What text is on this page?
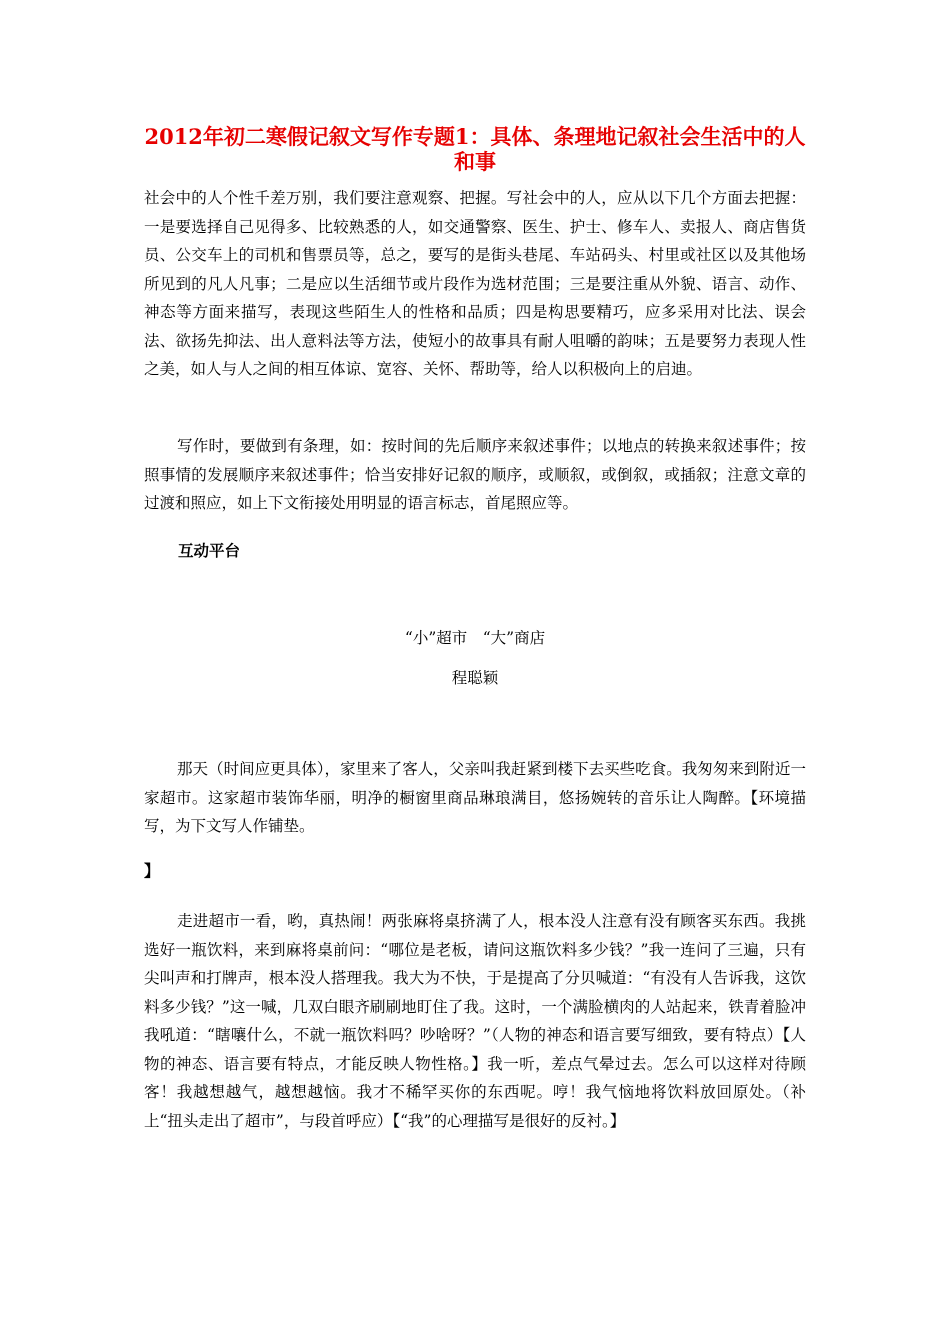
2012年初二寒假记叙文写作专题1：具体、条理地记叙社会生活中的人和事
社会中的人个性千差万别，我们要注意观察、把握。写社会中的人，应从以下几个方面去把握：一是要选择自己见得多、比较熟悉的人，如交通警察、医生、护士、修车人、卖报人、商店售货员、公交车上的司机和售票员等，总之，要写的是街头巷尾、车站码头、村里或社区以及其他场所见到的凡人凡事；二是应以生活细节或片段作为选材范围；三是要注重从外貌、语言、动作、神态等方面来描写，表现这些陌生人的性格和品质；四是构思要精巧，应多采用对比法、误会法、欲扬先抑法、出人意料法等方法，使短小的故事具有耐人咀嚼的韵味；五是要努力表现人性之美，如人与人之间的相互体谅、宽容、关怀、帮助等，给人以积极向上的启迪。
写作时，要做到有条理，如：按时间的先后顺序来叙述事件；以地点的转换来叙述事件；按照事情的发展顺序来叙述事件；恰当安排好记叙的顺序，或顺叙，或倒叙，或插叙；注意文章的过渡和照应，如上下文衔接处用明显的语言标志，首尾照应等。
互动平台
“小”超市　“大”商店
程聪颖
那天（时间应更具体），家里来了客人，父亲叫我赶紧到楼下去买些吃食。我匆匆来到附近一家超市。这家超市装饰华丽，明净的橱窗里商品琳琅满目，悠扬婉转的音乐让人陶醉。【环境描写，为下文写人作铺垫。
】
走进超市一看，哟，真热闹！两张麻将桌挤满了人，根本没人注意有没有顾客买东西。我挑选好一瓶饮料，来到麻将桌前问：“哪位是老板，请问这瓶饮料多少钱？”我一连问了三遍，只有尖叫声和打牌声，根本没人搭理我。我大为不快，于是提高了分贝喊道：“有没有人告诉我，这饮料多少钱？”这一喊，几双白眼齐刷刷地盯住了我。这时，一个满脸横肉的人站起来，铁青着脸冲我吼道：“瞎嚷什么，不就一瓶饮料吗？吵啥呀？”（人物的神态和语言要写细致，要有特点）【人物的神态、语言要有特点，才能反映人物性格。】我一听，差点气晕过去。怎么可以这样对待顾客！我越想越气，越想越恼。我才不稀罕买你的东西呢。哼！我气恼地将饮料放回原处。（补上“扭头走出了超市”，与段首呼应）【“我”的心理描写是很好的反衬。】
